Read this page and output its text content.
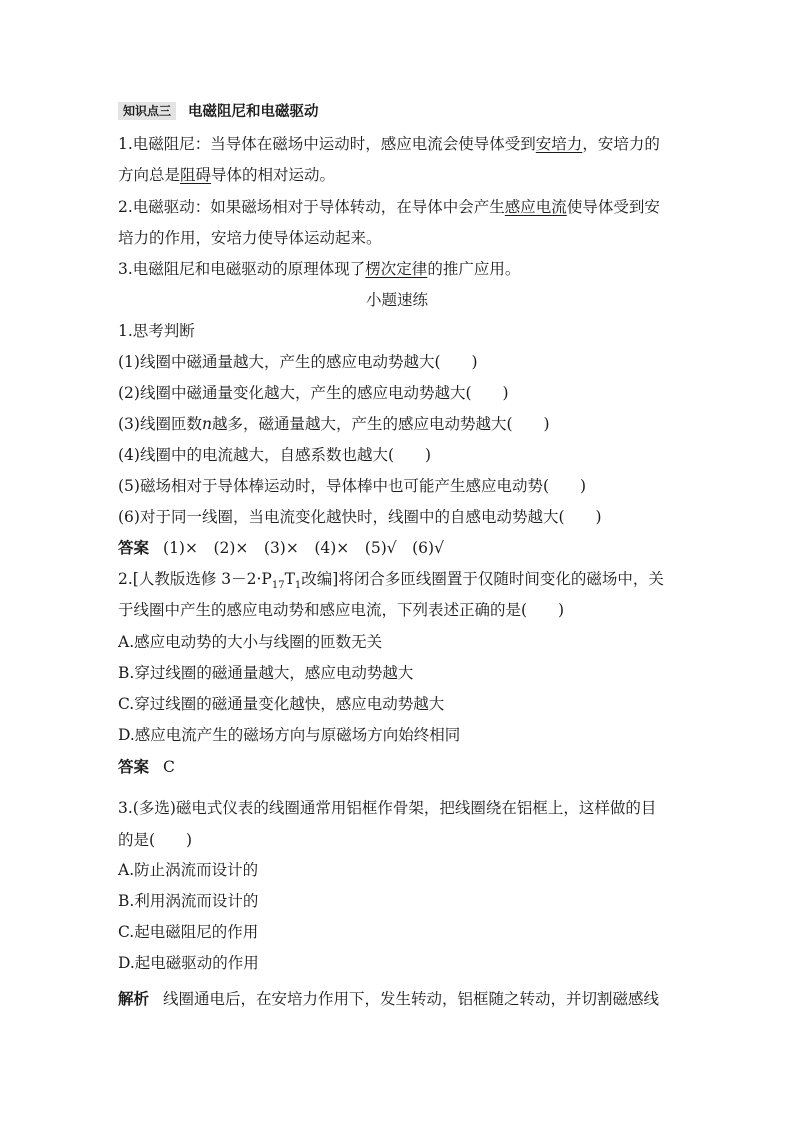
知识点三 电磁阻尼和电磁驱动
1.电磁阻尼：当导体在磁场中运动时，感应电流会使导体受到安培力，安培力的
方向总是阻碍导体的相对运动。
2.电磁驱动：如果磁场相对于导体转动，在导体中会产生感应电流使导体受到安
培力的作用，安培力使导体运动起来。
3.电磁阻尼和电磁驱动的原理体现了楞次定律的推广应用。
小题速练
1.思考判断
(1)线圈中磁通量越大，产生的感应电动势越大(　　)
(2)线圈中磁通量变化越大，产生的感应电动势越大(　　)
(3)线圈匝数n越多，磁通量越大，产生的感应电动势越大(　　)
(4)线圈中的电流越大，自感系数也越大(　　)
(5)磁场相对于导体棒运动时，导体棒中也可能产生感应电动势(　　)
(6)对于同一线圈，当电流变化越快时，线圈中的自感电动势越大(　　)
答案 (1)×　(2)×　(3)×　(4)×　(5)√　(6)√
2.[人教版选修 $3-2\cdot P_{17}T_1$改编]将闭合多匝线圈置于仅随时间变化的磁场中，关
于线圈中产生的感应电动势和感应电流，下列表述正确的是(　　)
A.感应电动势的大小与线圈的匝数无关
B.穿过线圈的磁通量越大，感应电动势越大
C.穿过线圈的磁通量变化越快，感应电动势越大
D.感应电流产生的磁场方向与原磁场方向始终相同
答案 C
3.(多选)磁电式仪表的线圈通常用铝框作骨架，把线圈绕在铝框上，这样做的目
的是(　　)
A.防止涡流而设计的
B.利用涡流而设计的
C.起电磁阻尼的作用
D.起电磁驱动的作用
解析 线圈通电后，在安培力作用下，发生转动，铝框随之转动，并切割磁感线
